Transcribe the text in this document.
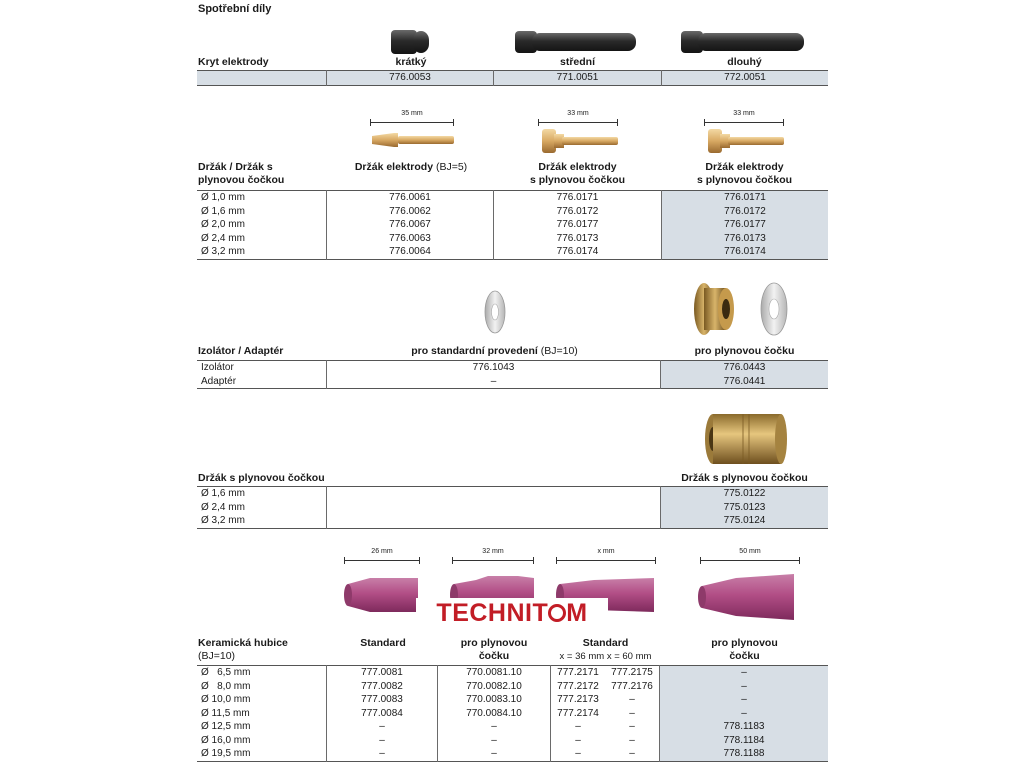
Spotřební díly
Kryt elektrody	krátký	střední	dlouhý
	776.0053	771.0051	772.0051
35 mm	33 mm	33 mm
Držák / Držák s
plynovou čočkou
Držák elektrody (BJ=5)	Držák elektrody
s plynovou čočkou
Držák elektrody
s plynovou čočkou
Ø 1,0 mm	776.0061	776.0171	776.0171
Ø 1,6 mm	776.0062	776.0172	776.0172
Ø 2,0 mm	776.0067	776.0177	776.0177
Ø 2,4 mm	776.0063	776.0173	776.0173
Ø 3,2 mm	776.0064	776.0174	776.0174
Izolátor / Adaptér	pro standardní provedení (BJ=10)	pro plynovou čočku
Izolátor	776.1043	776.0443
Adaptér	–	776.0441
Držák s plynovou čočkou	Držák s plynovou čočkou
Ø 1,6 mm		775.0122
Ø 2,4 mm		775.0123
Ø 3,2 mm		775.0124
26 mm	32 mm	x mm	50 mm
TECHNIT M
Keramická hubice
(BJ=10)
Standard	pro plynovou
čočku
Standard
x = 36 mm x = 60 mm
pro plynovou
čočku
Ø   6,5 mm	777.0081	770.0081.10	777.2171	777.2175	–
Ø   8,0 mm	777.0082	770.0082.10	777.2172	777.2176	–
Ø 10,0 mm	777.0083	770.0083.10	777.2173	–	–
Ø 11,5 mm	777.0084	770.0084.10	777.2174	–	–
Ø 12,5 mm	–	–	–	–	778.1183
Ø 16,0 mm	–	–	–	–	778.1184
Ø 19,5 mm	–	–	–	–	778.1188
